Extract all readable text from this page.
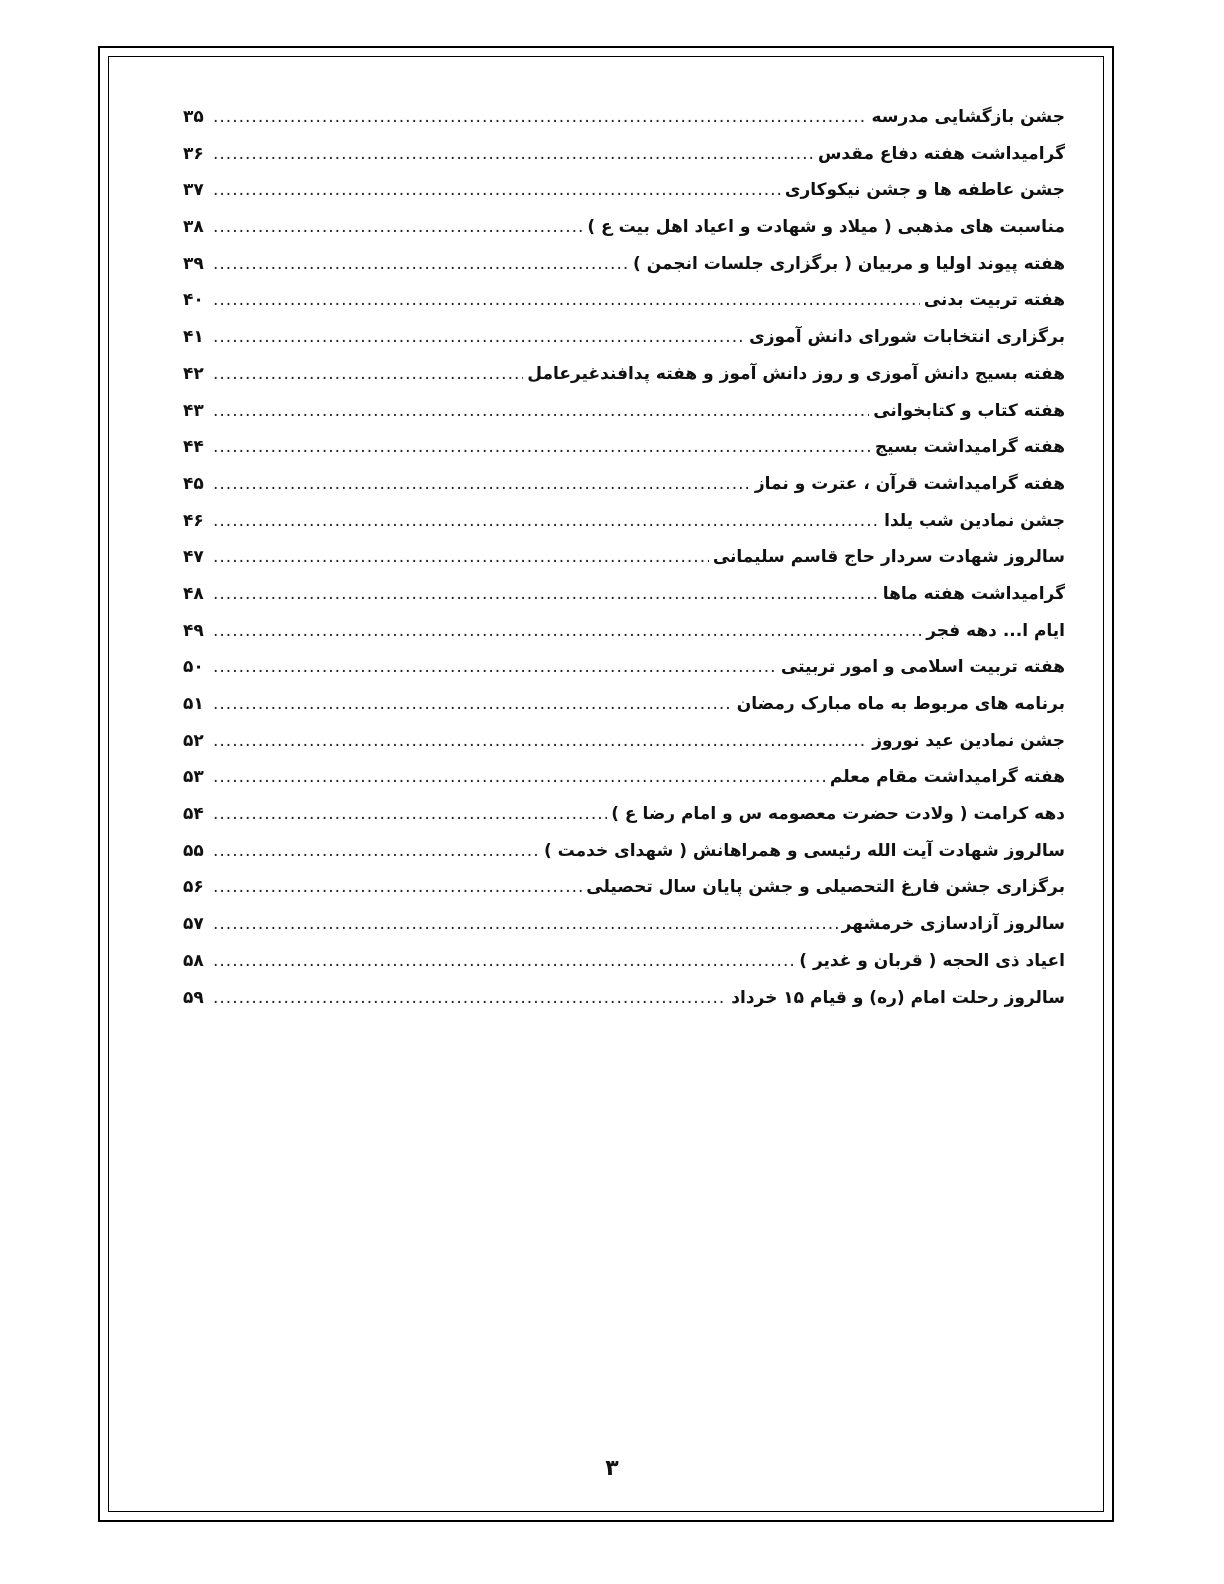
جشن بازگشایی مدرسه
.....
۳۵
گرامیداشت هفته دفاع مقدس
.....
۳۶
جشن عاطفه ها و جشن نیکوکاری
.....
۳۷
مناسبت های مذهبی ( میلاد و شهادت و اعیاد اهل بیت ع )
.....
۳۸
هفته پیوند اولیا و مربیان ( برگزاری جلسات انجمن )
.....
۳۹
هفته تربیت بدنی
.....
۴۰
برگزاری انتخابات شورای دانش آموزی
.....
۴۱
هفته بسیج دانش آموزی و روز دانش آموز و هفته پدافندغیرعامل
.....
۴۲
هفته کتاب و کتابخوانی
.....
۴۳
هفته گرامیداشت بسیج
.....
۴۴
هفته گرامیداشت قرآن ، عترت و نماز
.....
۴۵
جشن نمادین شب یلدا
.....
۴۶
سالروز شهادت سردار حاج قاسم سلیمانی
.....
۴۷
گرامیداشت هفته ماها
.....
۴۸
ایام ا... دهه فجر
.....
۴۹
هفته تربیت اسلامی و امور تربیتی
.....
۵۰
برنامه های مربوط به ماه مبارک رمضان
.....
۵۱
جشن نمادین عید نوروز
.....
۵۲
هفته گرامیداشت مقام معلم
.....
۵۳
دهه کرامت ( ولادت حضرت معصومه س و امام رضا ع )
.....
۵۴
سالروز شهادت آیت الله رئیسی و همراهانش ( شهدای خدمت )
.....
۵۵
برگزاری جشن فارغ التحصیلی و جشن پایان سال تحصیلی
.....
۵۶
سالروز آزادسازی خرمشهر
.....
۵۷
اعیاد ذی الحجه ( قربان و غدیر )
.....
۵۸
سالروز رحلت امام (ره) و قیام ۱۵ خرداد
.....
۵۹
۳
